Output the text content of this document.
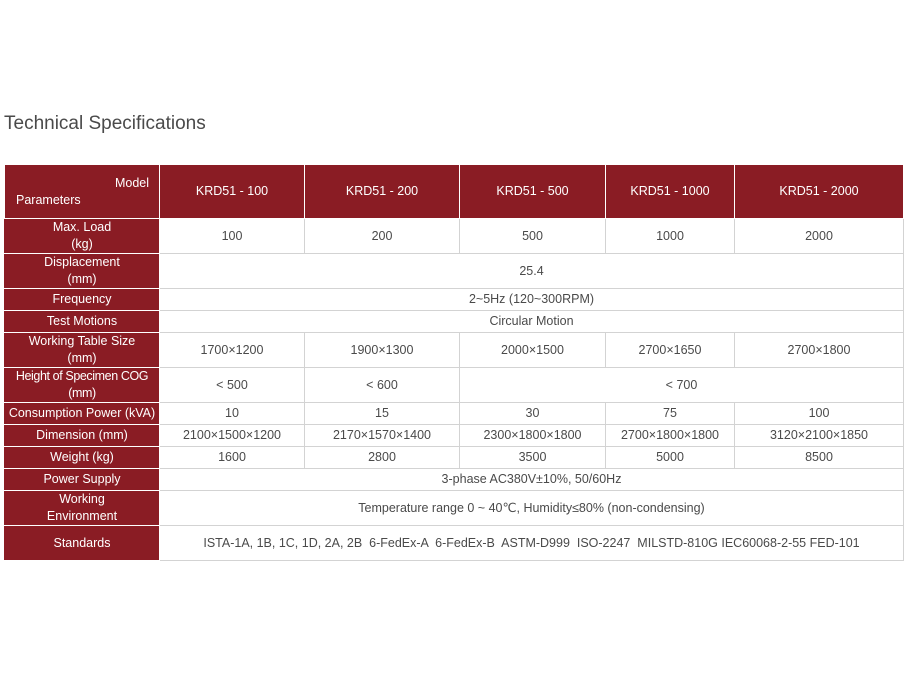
Technical Specifications
Model
Parameters	KRD51 - 100	KRD51 - 200	KRD51 - 500	KRD51 - 1000	KRD51 - 2000
Max. Load
(kg)	100	200	500	1000	2000
Displacement
(mm)	25.4				
Frequency	2~5Hz (120~300RPM)				
Test Motions	Circular Motion				
Working Table Size
(mm)	1700×1200	1900×1300	2000×1500	2700×1650	2700×1800
Height of Specimen COG
(mm)	< 500	< 600	< 700		
Consumption Power (kVA)	10	15	30	75	100
Dimension (mm)	2100×1500×1200	2170×1570×1400	2300×1800×1800	2700×1800×1800	3120×2100×1850
Weight (kg)	1600	2800	3500	5000	8500
Power Supply	3-phase AC380V±10%, 50/60Hz				
Working
Environment	Temperature range 0 ~ 40℃, Humidity≤80% (non-condensing)				
Standards	ISTA-1A, 1B, 1C, 1D, 2A, 2B  6-FedEx-A  6-FedEx-B  ASTM-D999  ISO-2247  MILSTD-810G IEC60068-2-55 FED-101				
